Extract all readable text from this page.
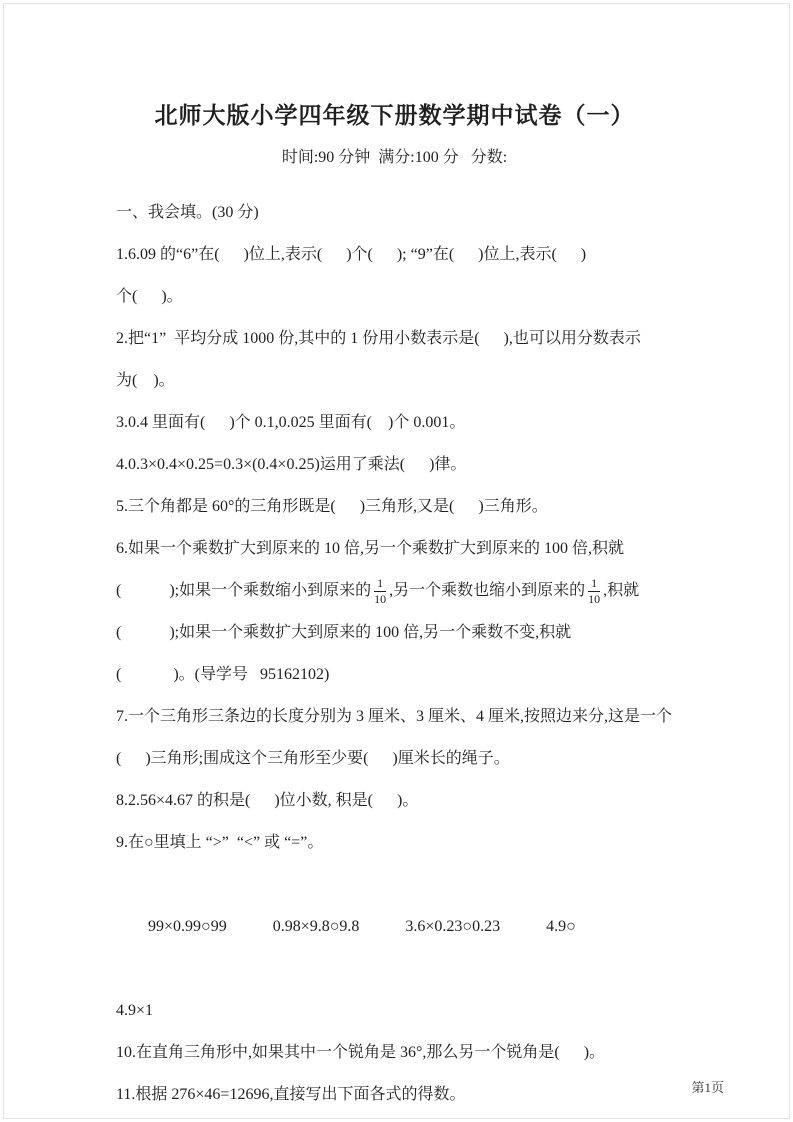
北师大版小学四年级下册数学期中试卷（一）
时间:90 分钟  满分:100 分   分数:
一、我会填。(30 分)
1.6.09 的“6”在(      )位上,表示(      )个(      ); “9”在(      )位上,表示(      )
个(      )。
2.把“1”  平均分成 1000 份,其中的 1 份用小数表示是(      ),也可以用分数表示
为(    )。
3.0.4 里面有(      )个 0.1,0.025 里面有(    )个 0.001。
4.0.3×0.4×0.25=0.3×(0.4×0.25)运用了乘法(      )律。
5.三个角都是 60°的三角形既是(      )三角形,又是(      )三角形。
6.如果一个乘数扩大到原来的 10 倍,另一个乘数扩大到原来的 100 倍,积就
(            );如果一个乘数缩小到原来的 $\frac{1}{10}$ ,另一个乘数也缩小到原来的 $\frac{1}{10}$ ,积就
(            );如果一个乘数扩大到原来的 100 倍,另一个乘数不变,积就
(             )。(导学号   95162102)
7.一个三角形三条边的长度分别为 3 厘米、3 厘米、4 厘米,按照边来分,这是一个
(      )三角形;围成这个三角形至少要(      )厘米长的绳子。
8.2.56×4.67 的积是(      )位小数, 积是(      )。
9.在○里填上 “>”  “<” 或 “=”。

99×0.99○99	0.98×9.8○9.8	3.6×0.23○0.23	4.9○

4.9×1
10.在直角三角形中,如果其中一个锐角是 36°,那么另一个锐角是(      )。
11.根据 276×46=12696,直接写出下面各式的得数。	第1页
